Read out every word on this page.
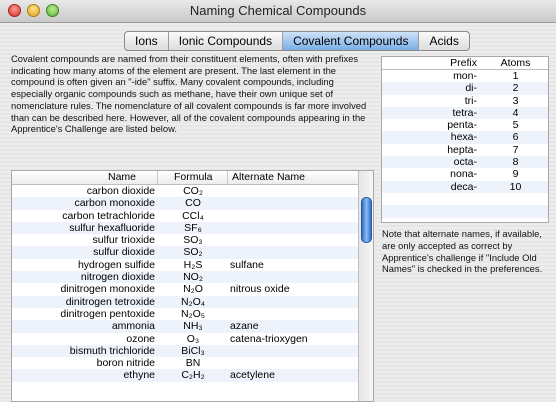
Naming Chemical Compounds
Ions	Ionic Compounds	Covalent Compounds	Acids
Covalent compounds are named from their constituent elements, often with prefixes indicating how many atoms of the element are present. The last element in the compound is often given an "-ide" suffix. Many covalent compounds, including especially organic compounds such as methane, have their own unique set of nomenclature rules. The nomenclature of all covalent compounds is far more involved than can be described here. However, all of the covalent compounds appearing in the Apprentice's Challenge are listed below.
Prefix	Atoms
mon-	1
di-	2
tri-	3
tetra-	4
penta-	5
hexa-	6
hepta-	7
octa-	8
nona-	9
deca-	10

Note that alternate names, if available, are only accepted as correct by Apprentice's challenge if "Include Old Names" is checked in the preferences.
Name	Formula Alternate Name
carbon dioxide	CO₂
carbon monoxide	CO
carbon tetrachloride	CCl₄
sulfur hexafluoride	SF₆
sulfur trioxide	SO₃
sulfur dioxide	SO₂
hydrogen sulfide	H₂S	sulfane
nitrogen dioxide	NO₂
dinitrogen monoxide	N₂O	nitrous oxide
dinitrogen tetroxide	N₂O₄
dinitrogen pentoxide	N₂O₅
ammonia	NH₃	azane
ozone	O₃	catena-trioxygen
bismuth trichloride	BiCl₃
boron nitride	BN
ethyne	C₂H₂	acetylene
